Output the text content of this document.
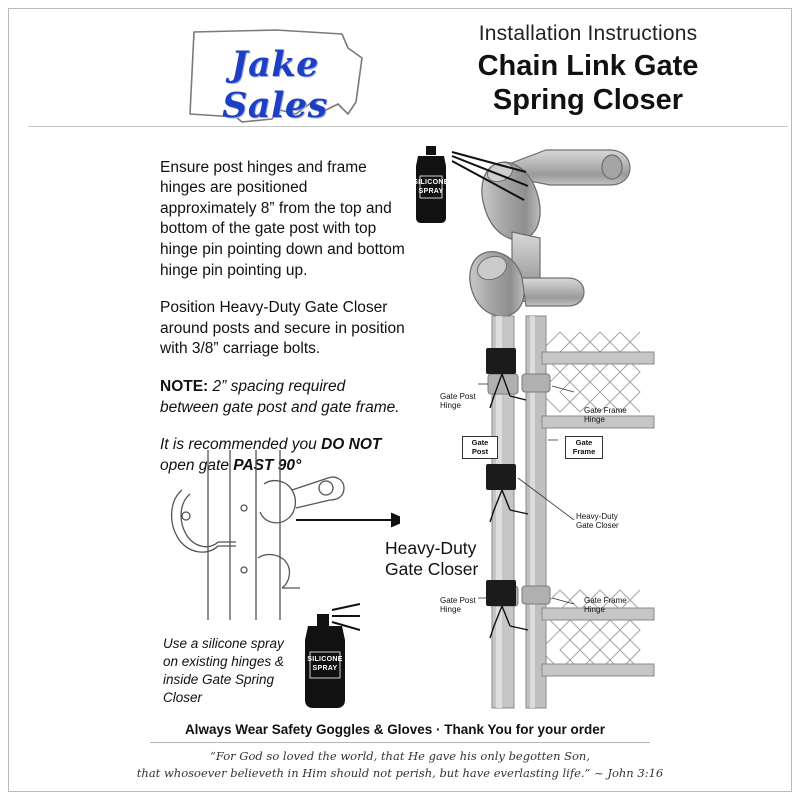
Jake Sales
Installation Instructions
Chain Link Gate
Spring Closer

Ensure post hinges and frame hinges are positioned approximately 8” from the top and bottom of the gate post with top hinge pin pointing down and bottom hinge pin pointing up.

Position Heavy-Duty Gate Closer around posts and secure in position with 3/8” carriage bolts.

NOTE: 2” spacing required between gate post and gate frame.

It is recommended you DO NOT open gate PAST 90°

SILICONE
SPRAY
Gate Post
Hinge
Gate Frame
Hinge
Gate
Post
Gate
Frame
Heavy-Duty
Gate Closer
Gate Post
Hinge
Gate Frame
Hinge
Heavy-Duty
Gate Closer
Use a silicone spray on existing hinges & inside Gate Spring Closer
SILICONE
SPRAY
Always Wear Safety Goggles & Gloves · Thank You for your order
“For God so loved the world, that He gave his only begotten Son,
that whosoever believeth in Him should not perish, but have everlasting life.” ~ John 3:16
